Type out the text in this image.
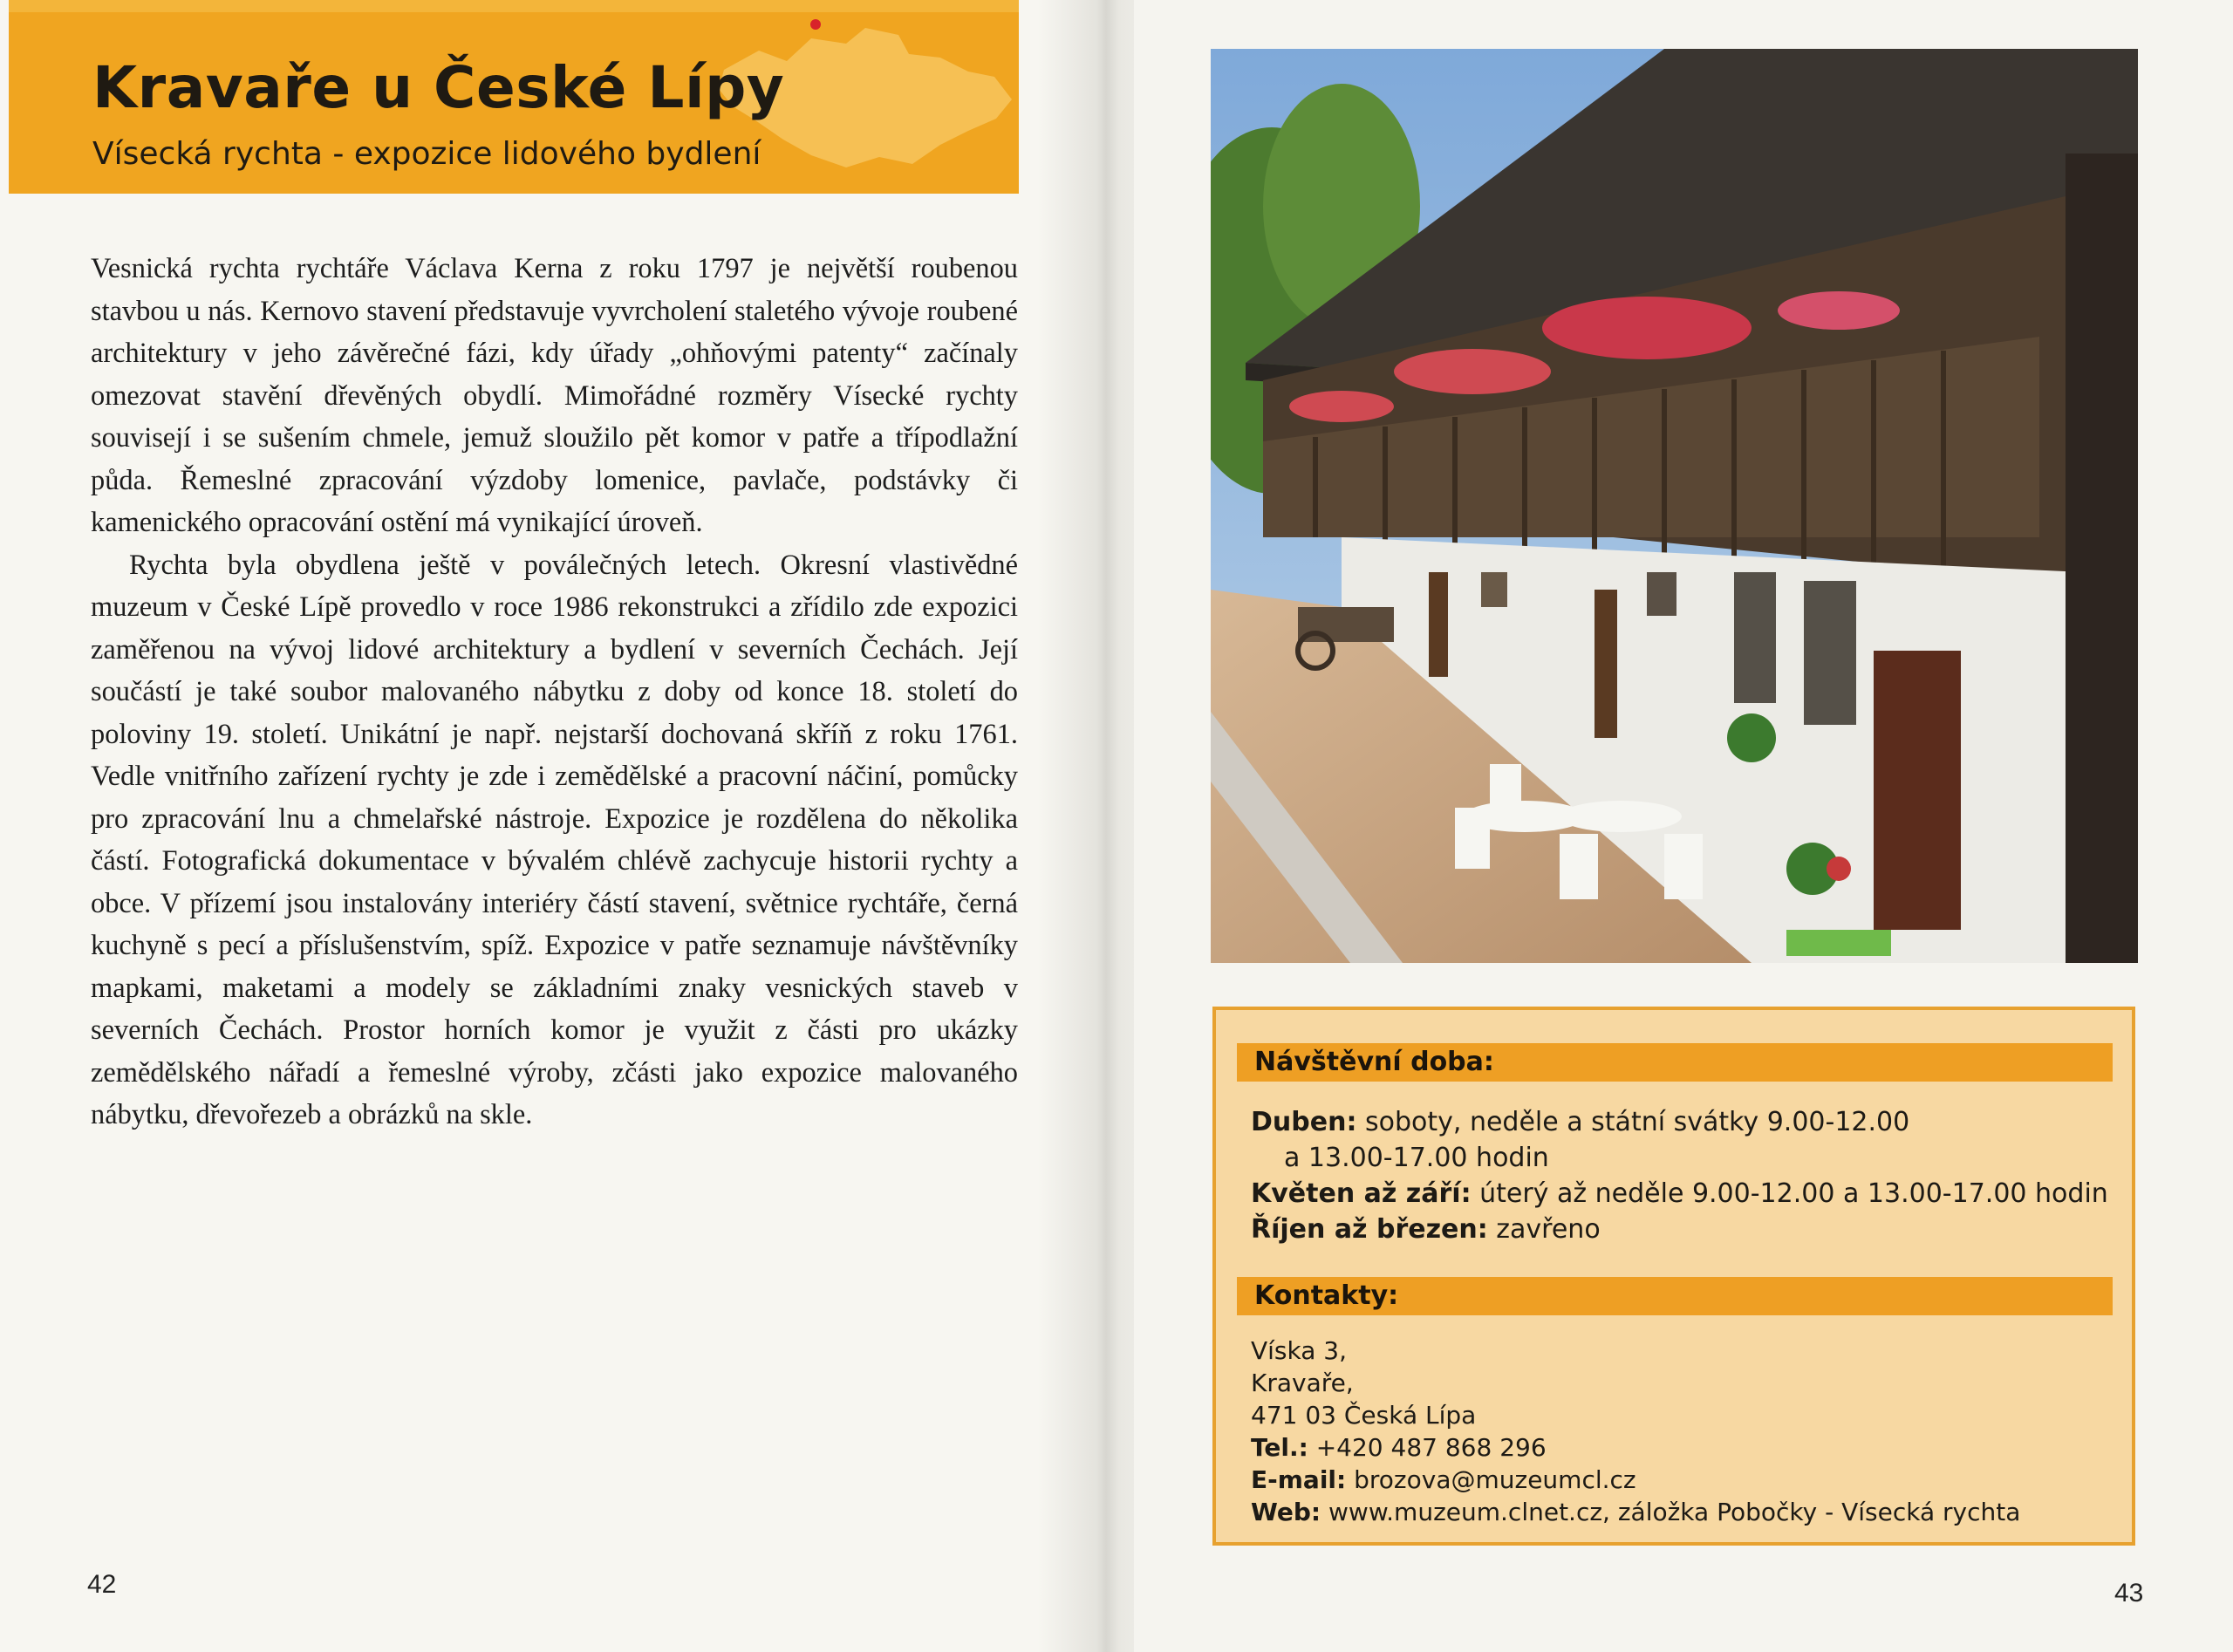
Kravaře u České Lípy
Vísecká rychta - expozice lidového bydlení

Vesnická rychta rychtáře Václava Kerna z roku 1797 je největší roubenou stavbou u nás. Kernovo stavení představuje vyvrcholení staletého vývoje roubené architektury v jeho závěrečné fázi, kdy úřady „ohňovými patenty“ začínaly omezovat stavění dřevěných obydlí. Mimořádné rozměry Vísecké rychty souvisejí i se sušením chmele, jemuž sloužilo pět komor v patře a třípodlažní půda. Řemeslné zpracování výzdoby lomenice, pavlače, podstávky či kamenického opracování ostění má vynikající úroveň.

Rychta byla obydlena ještě v poválečných letech. Okresní vlastivědné muzeum v České Lípě provedlo v roce 1986 rekonstrukci a zřídilo zde expozici zaměřenou na vývoj lidové architektury a bydlení v severních Čechách. Její součástí je také soubor malovaného nábytku z doby od konce 18. století do poloviny 19. století. Unikátní je např. nejstarší dochovaná skříň z roku 1761. Vedle vnitřního zařízení rychty je zde i zemědělské a pracovní náčiní, pomůcky pro zpracování lnu a chmelařské nástroje. Expozice je rozdělena do několika částí. Fotografická dokumentace v bývalém chlévě zachycuje historii rychty a obce. V přízemí jsou instalovány interiéry částí stavení, světnice rychtáře, černá kuchyně s pecí a příslušenstvím, spíž. Expozice v patře seznamuje návštěvníky mapkami, maketami a modely se základními znaky vesnických staveb v severních Čechách. Prostor horních komor je využit z části pro ukázky zemědělského nářadí a řemeslné výroby, zčásti jako expozice malovaného nábytku, dřevořezeb a obrázků na skle.

42
Návštěvní doba:
Duben: soboty, neděle a státní svátky 9.00-12.00
a 13.00-17.00 hodin
Květen až září: úterý až neděle 9.00-12.00 a 13.00-17.00 hodin
Říjen až březen: zavřeno
Kontakty:
Víska 3,
Kravaře,
471 03 Česká Lípa
Tel.: +420 487 868 296
E-mail: brozova@muzeumcl.cz
Web: www.muzeum.clnet.cz, záložka Pobočky - Vísecká rychta
43
